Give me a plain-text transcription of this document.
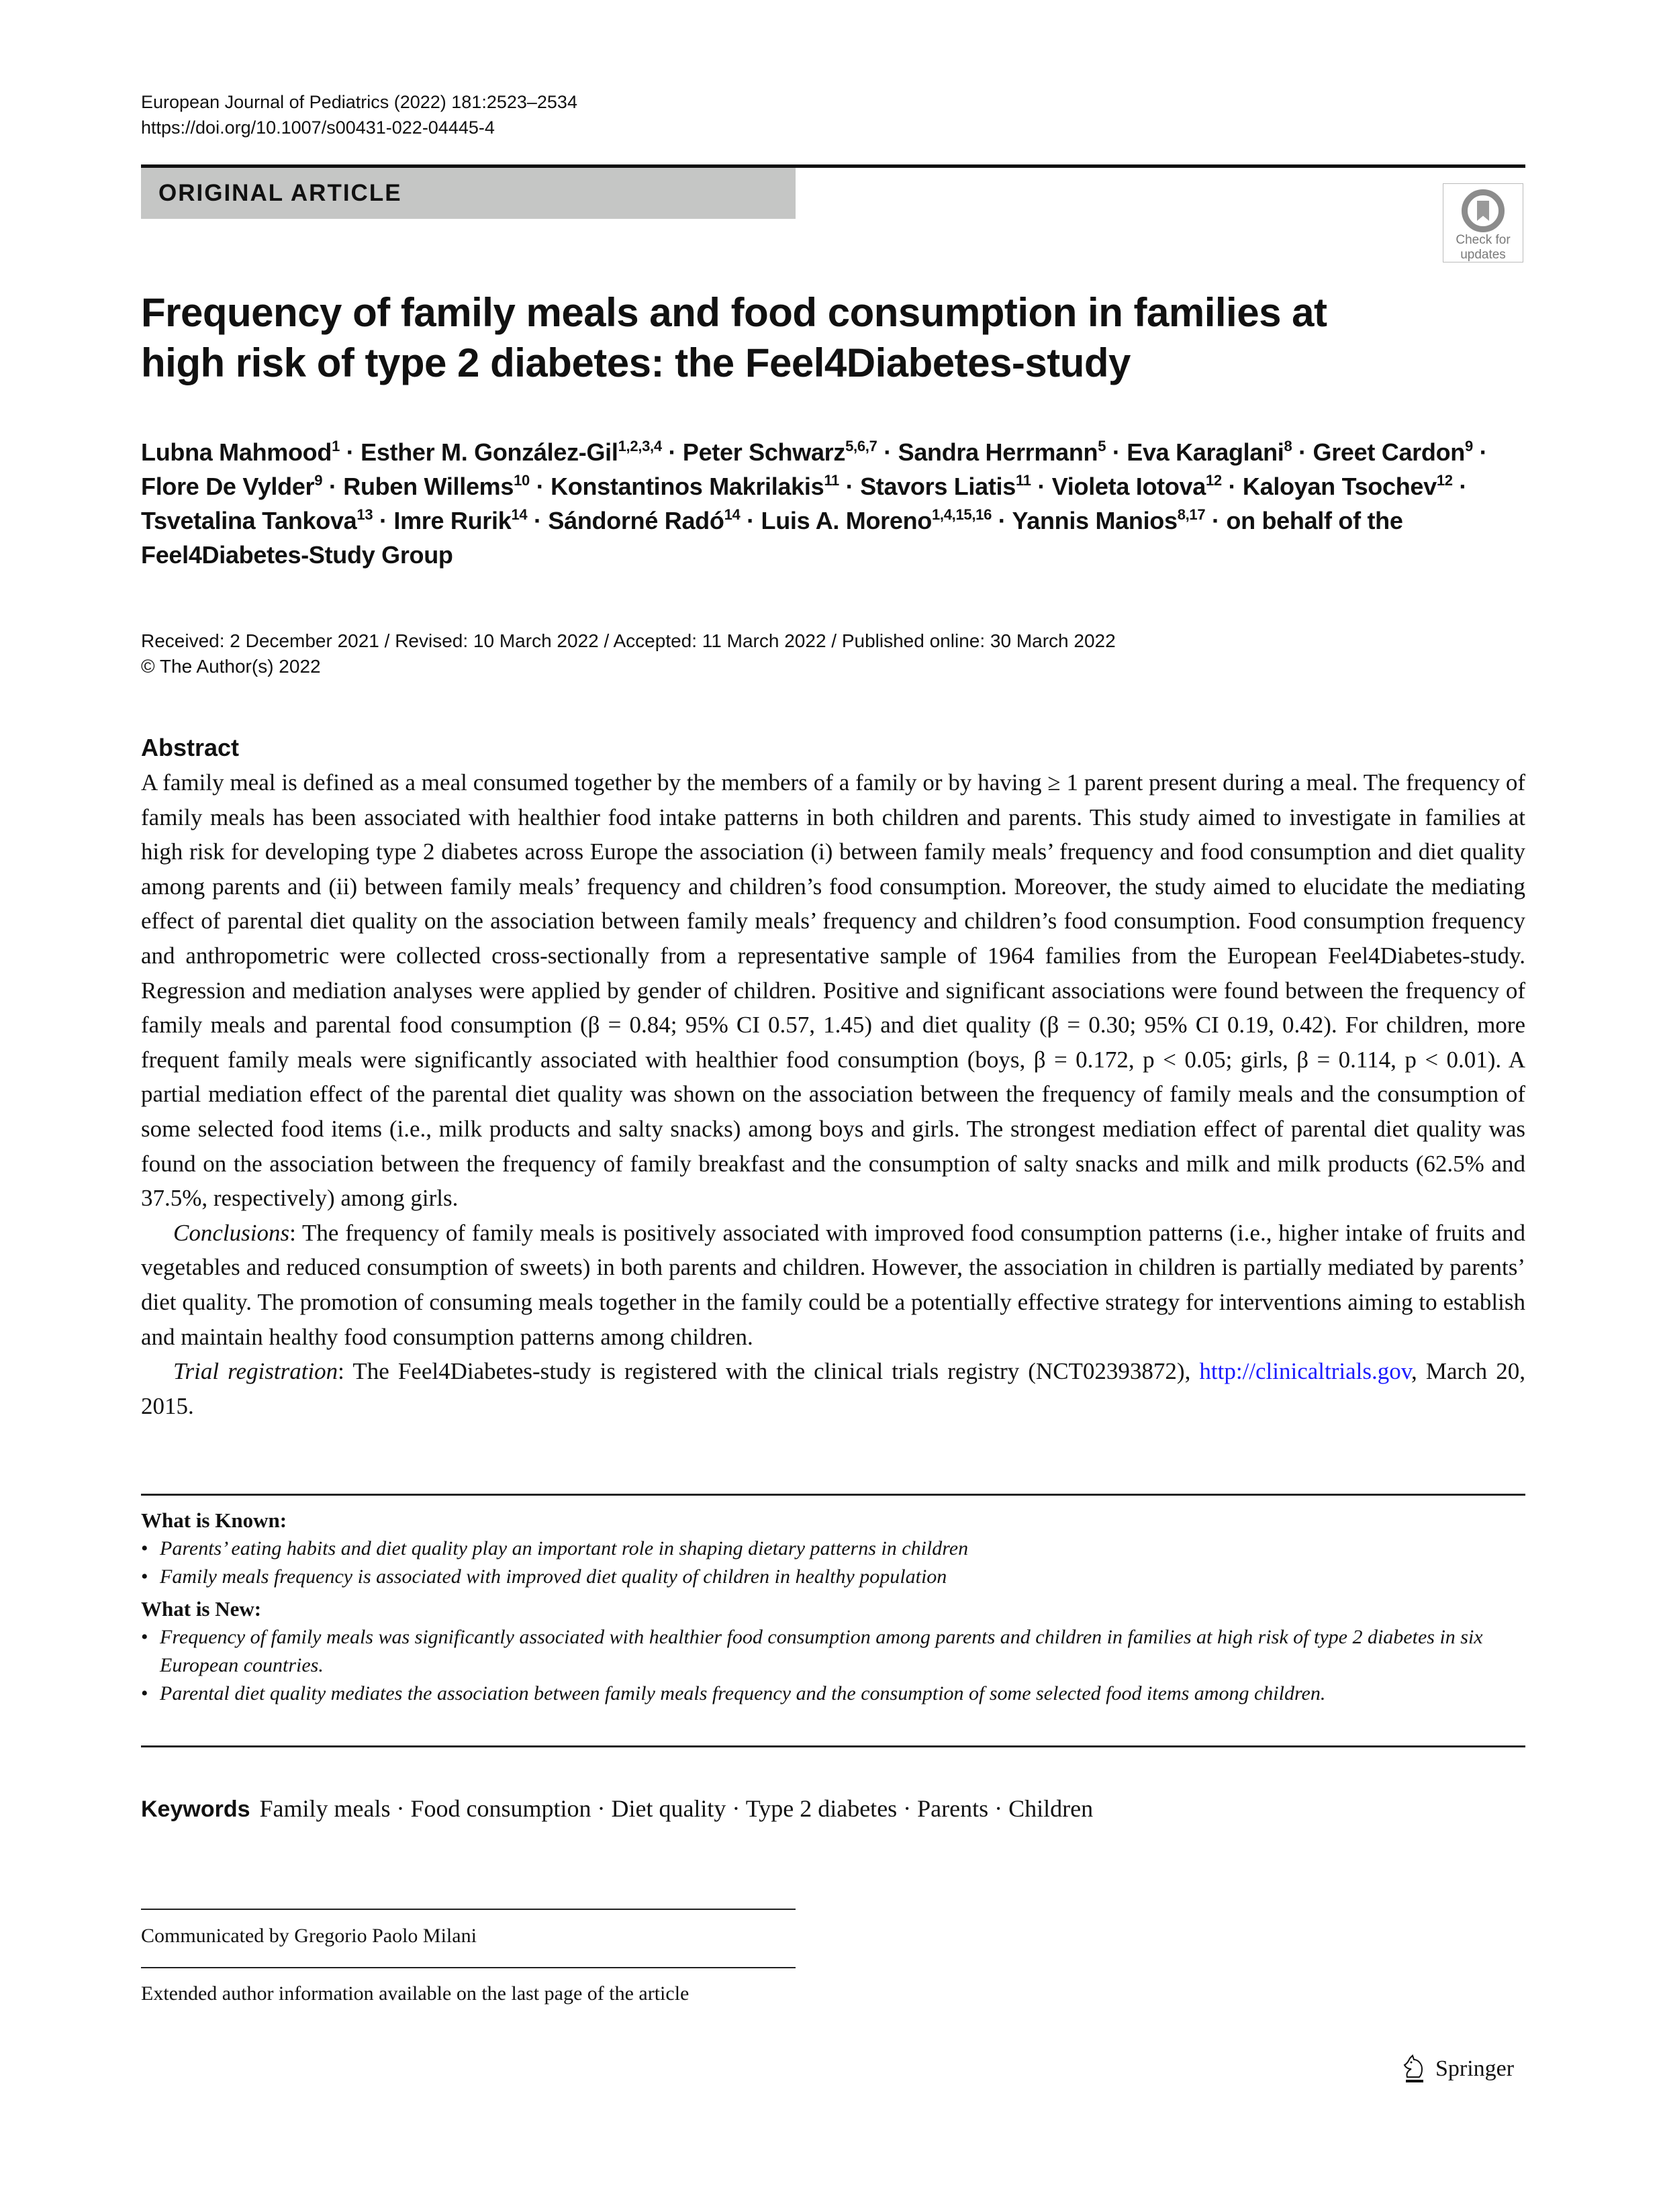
European Journal of Pediatrics (2022) 181:2523–2534
https://doi.org/10.1007/s00431-022-04445-4
ORIGINAL ARTICLE
Check for
updates
Frequency of family meals and food consumption in families at high risk of type 2 diabetes: the Feel4Diabetes-study
Lubna Mahmood$^1$ · Esther M. González-Gil$^{1,2,3,4}$ · Peter Schwarz$^{5,6,7}$ · Sandra Herrmann$^5$ · Eva Karaglani$^8$ · Greet Cardon$^9$ · Flore De Vylder$^9$ · Ruben Willems$^{10}$ · Konstantinos Makrilakis$^{11}$ · Stavors Liatis$^{11}$ · Violeta Iotova$^{12}$ · Kaloyan Tsochev$^{12}$ · Tsvetalina Tankova$^{13}$ · Imre Rurik$^{14}$ · Sándorné Radó$^{14}$ · Luis A. Moreno$^{1,4,15,16}$ · Yannis Manios$^{8,17}$ · on behalf of the Feel4Diabetes-Study Group
Received: 2 December 2021 / Revised: 10 March 2022 / Accepted: 11 March 2022 / Published online: 30 March 2022
© The Author(s) 2022
Abstract

A family meal is defined as a meal consumed together by the members of a family or by having ≥ 1 parent present during a meal. The frequency of family meals has been associated with healthier food intake patterns in both children and parents. This study aimed to investigate in families at high risk for developing type 2 diabetes across Europe the association (i) between family meals’ frequency and food consumption and diet quality among parents and (ii) between family meals’ frequency and children’s food consumption. Moreover, the study aimed to elucidate the mediating effect of parental diet quality on the association between family meals’ frequency and children’s food consumption. Food consumption frequency and anthropometric were collected cross-sectionally from a representative sample of 1964 families from the European Feel4Diabetes-study. Regression and mediation analyses were applied by gender of children. Positive and significant associations were found between the frequency of family meals and parental food consumption (β = 0.84; 95% CI 0.57, 1.45) and diet quality (β = 0.30; 95% CI 0.19, 0.42). For children, more frequent family meals were significantly associated with healthier food consumption (boys, β = 0.172, p < 0.05; girls, β = 0.114, p < 0.01). A partial mediation effect of the parental diet quality was shown on the association between the frequency of family meals and the consumption of some selected food items (i.e., milk products and salty snacks) among boys and girls. The strongest mediation effect of parental diet quality was found on the association between the frequency of family breakfast and the consumption of salty snacks and milk and milk products (62.5% and 37.5%, respectively) among girls.

Conclusions: The frequency of family meals is positively associated with improved food consumption patterns (i.e., higher intake of fruits and vegetables and reduced consumption of sweets) in both parents and children. However, the association in children is partially mediated by parents’ diet quality. The promotion of consuming meals together in the family could be a potentially effective strategy for interventions aiming to establish and maintain healthy food consumption patterns among children.

Trial registration: The Feel4Diabetes-study is registered with the clinical trials registry (NCT02393872), http://clinicaltrials.gov, March 20, 2015.

What is Known:
• Parents’ eating habits and diet quality play an important role in shaping dietary patterns in children
• Family meals frequency is associated with improved diet quality of children in healthy population
What is New:
• Frequency of family meals was significantly associated with healthier food consumption among parents and children in families at high risk of type 2 diabetes in six European countries.
• Parental diet quality mediates the association between family meals frequency and the consumption of some selected food items among children.
Keywords Family meals · Food consumption · Diet quality · Type 2 diabetes · Parents · Children
Communicated by Gregorio Paolo Milani
Extended author information available on the last page of the article
Springer
